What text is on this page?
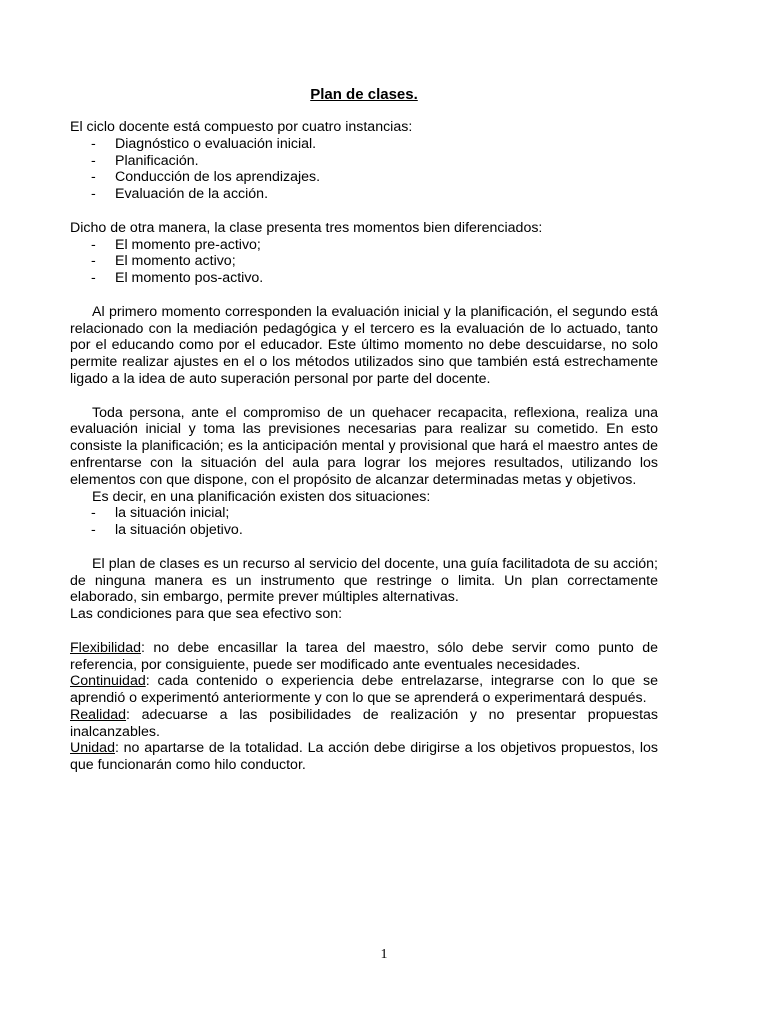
Plan de clases.

El ciclo docente está compuesto por cuatro instancias:

- Diagnóstico o evaluación inicial.
- Planificación.
- Conducción de los aprendizajes.
- Evaluación de la acción.

Dicho de otra manera, la clase presenta tres momentos bien diferenciados:

- El momento pre-activo;
- El momento activo;
- El momento pos-activo.

Al primero momento corresponden la evaluación inicial y la planificación, el segundo está relacionado con la mediación pedagógica y el tercero es la evaluación de lo actuado, tanto por el educando como por el educador. Este último momento no debe descuidarse, no solo permite realizar ajustes en el o los métodos utilizados sino que también está estrechamente ligado a la idea de auto superación personal por parte del docente.

Toda persona, ante el compromiso de un quehacer recapacita, reflexiona, realiza una evaluación inicial y toma las previsiones necesarias para realizar su cometido. En esto consiste la planificación; es la anticipación mental y provisional que hará el maestro antes de enfrentarse con la situación del aula para lograr los mejores resultados, utilizando los elementos con que dispone, con el propósito de alcanzar determinadas metas y objetivos.

Es decir, en una planificación existen dos situaciones:

- la situación inicial;
- la situación objetivo.

El plan de clases es un recurso al servicio del docente, una guía facilitadota de su acción; de ninguna manera es un instrumento que restringe o limita. Un plan correctamente elaborado, sin embargo, permite prever múltiples alternativas.

Las condiciones para que sea efectivo son:

Flexibilidad: no debe encasillar la tarea del maestro, sólo debe servir como punto de referencia, por consiguiente, puede ser modificado ante eventuales necesidades.

Continuidad: cada contenido o experiencia debe entrelazarse, integrarse con lo que se aprendió o experimentó anteriormente y con lo que se aprenderá o experimentará después.

Realidad: adecuarse a las posibilidades de realización y no presentar propuestas inalcanzables.

Unidad: no apartarse de la totalidad. La acción debe dirigirse a los objetivos propuestos, los que funcionarán como hilo conductor.

1
